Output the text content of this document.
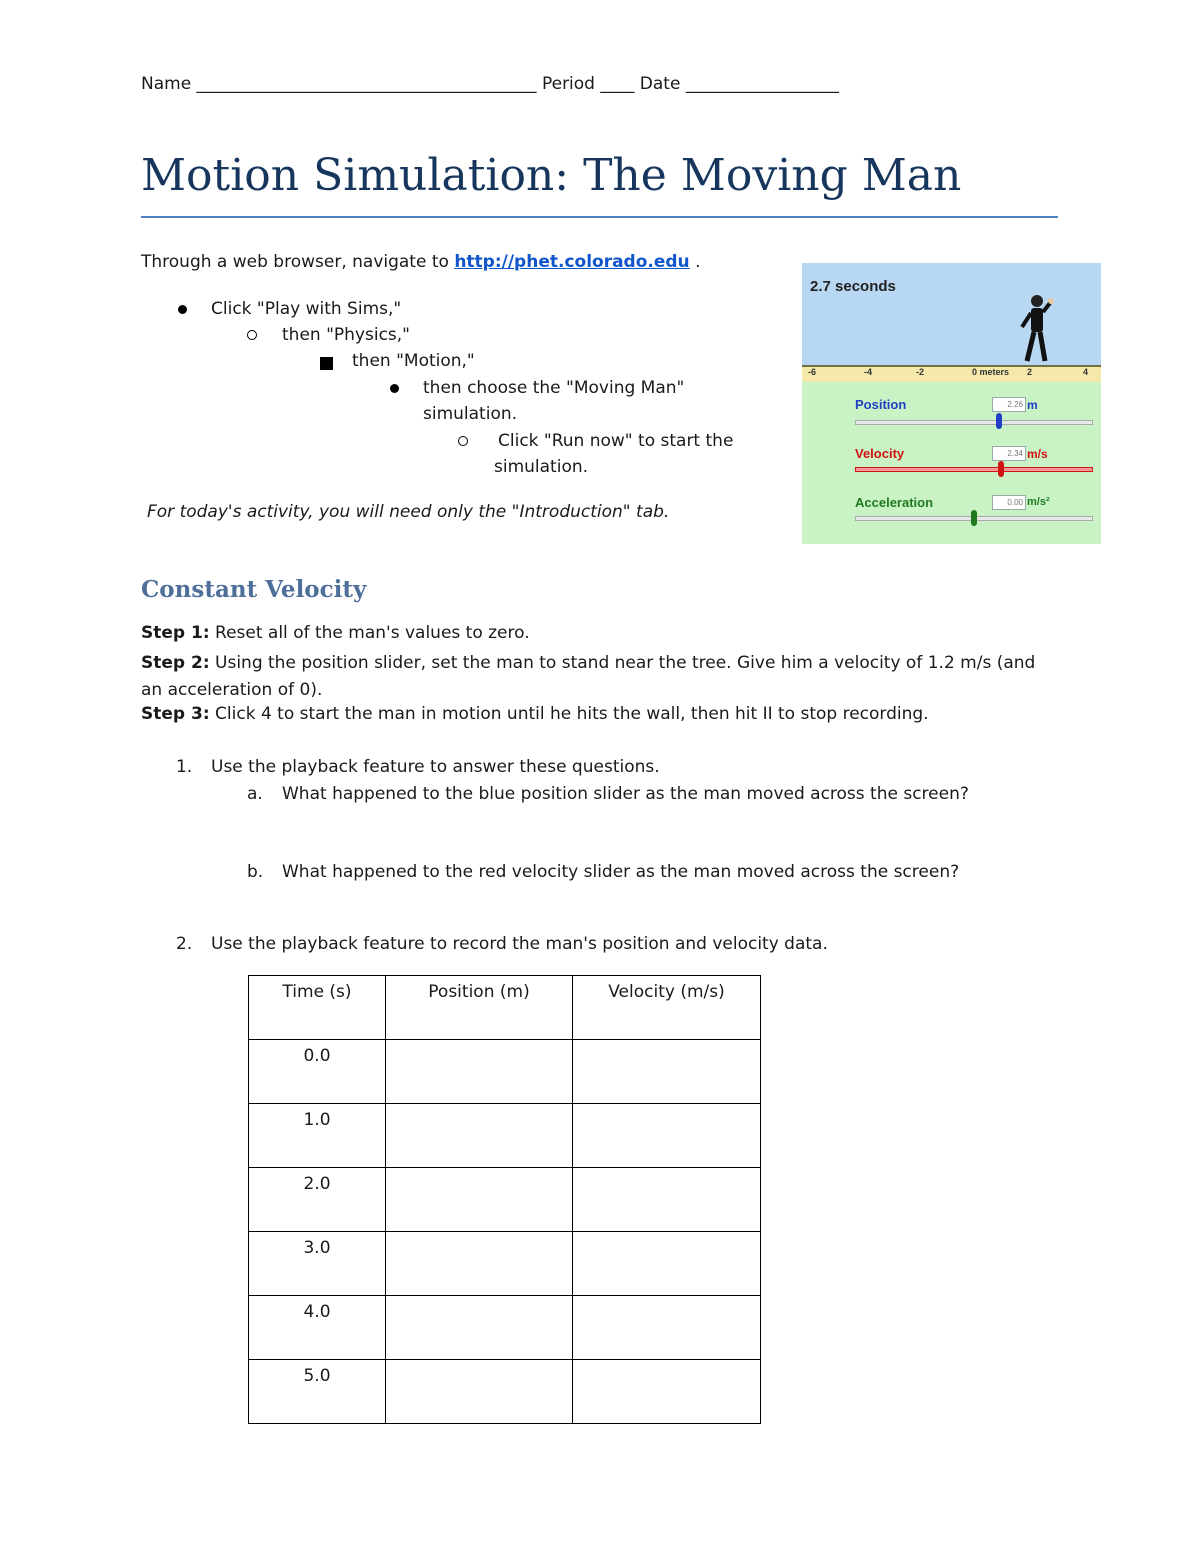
Name ________________________________________ Period ____ Date __________________
Motion Simulation: The Moving Man
Through a web browser, navigate to http://phet.colorado.edu .
Click "Play with Sims,"
then "Physics,"
then "Motion,"
then choose the "Moving Man"
simulation.
Click "Run now" to start the
simulation.
For today's activity, you will need only the "Introduction" tab.
2.7 seconds
-6	-4	-2	0 meters 2	4
Position	2.26 m
Velocity	2.34 m/s
Acceleration	0.00 m/s²
Constant Velocity
Step 1: Reset all of the man's values to zero.
Step 2: Using the position slider, set the man to stand near the tree. Give him a velocity of 1.2 m/s (and an acceleration of 0).
Step 3: Click 4 to start the man in motion until he hits the wall, then hit II to stop recording.
1. Use the playback feature to answer these questions.
a. What happened to the blue position slider as the man moved across the screen?
b. What happened to the red velocity slider as the man moved across the screen?
2. Use the playback feature to record the man's position and velocity data.
Time (s)	Position (m)	Velocity (m/s)
0.0		
1.0		
2.0		
3.0		
4.0		
5.0		
